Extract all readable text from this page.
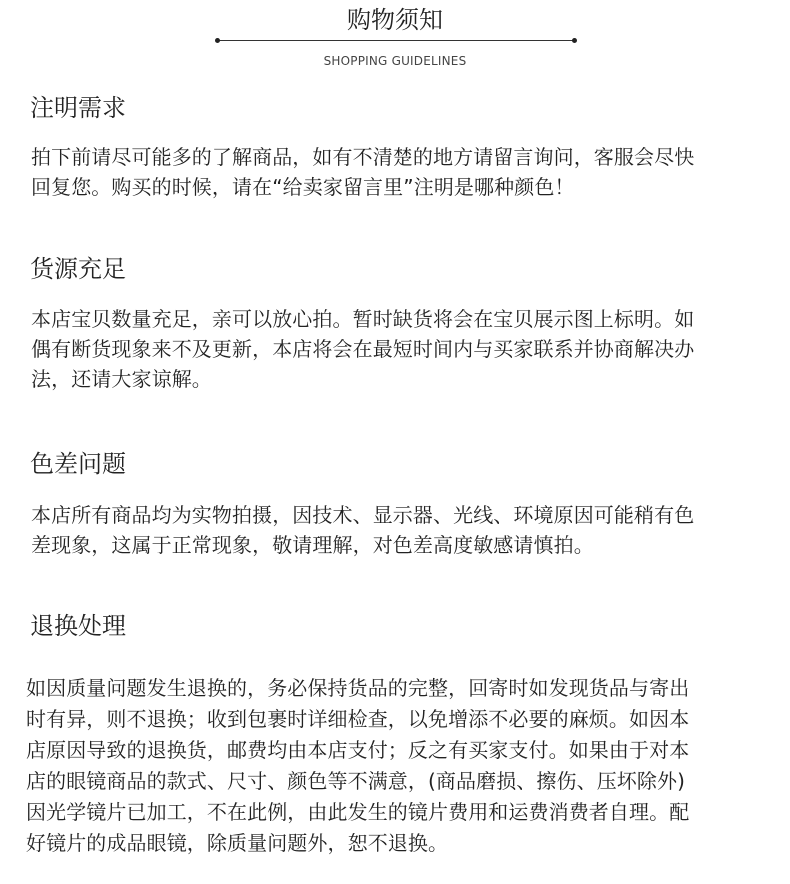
购物须知
SHOPPING GUIDELINES
注明需求
拍下前请尽可能多的了解商品，如有不清楚的地方请留言询问，客服会尽快
回复您。购买的时候，请在“给卖家留言里”注明是哪种颜色！
货源充足
本店宝贝数量充足，亲可以放心拍。暂时缺货将会在宝贝展示图上标明。如
偶有断货现象来不及更新，本店将会在最短时间内与买家联系并协商解决办
法，还请大家谅解。
色差问题
本店所有商品均为实物拍摄，因技术、显示器、光线、环境原因可能稍有色
差现象，这属于正常现象，敬请理解，对色差高度敏感请慎拍。
退换处理
如因质量问题发生退换的，务必保持货品的完整，回寄时如发现货品与寄出
时有异，则不退换；收到包裹时详细检查，以免增添不必要的麻烦。如因本
店原因导致的退换货，邮费均由本店支付；反之有买家支付。如果由于对本
店的眼镜商品的款式、尺寸、颜色等不满意，(商品磨损、擦伤、压坏除外)
因光学镜片已加工，不在此例，由此发生的镜片费用和运费消费者自理。配
好镜片的成品眼镜，除质量问题外，恕不退换。
